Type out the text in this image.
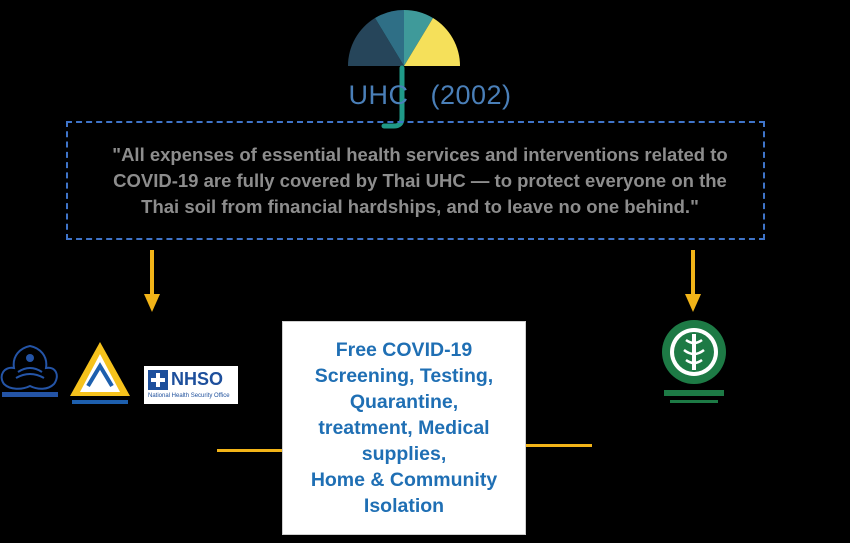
UHC (2002)
"All expenses of essential health services and interventions related to
COVID-19 are fully covered by Thai UHC — to protect everyone on the
Thai soil from financial hardships, and to leave no one behind."
Free COVID-19
Screening, Testing,
Quarantine,
treatment, Medical
supplies,
Home & Community
Isolation
NHSO
National Health Security Office
